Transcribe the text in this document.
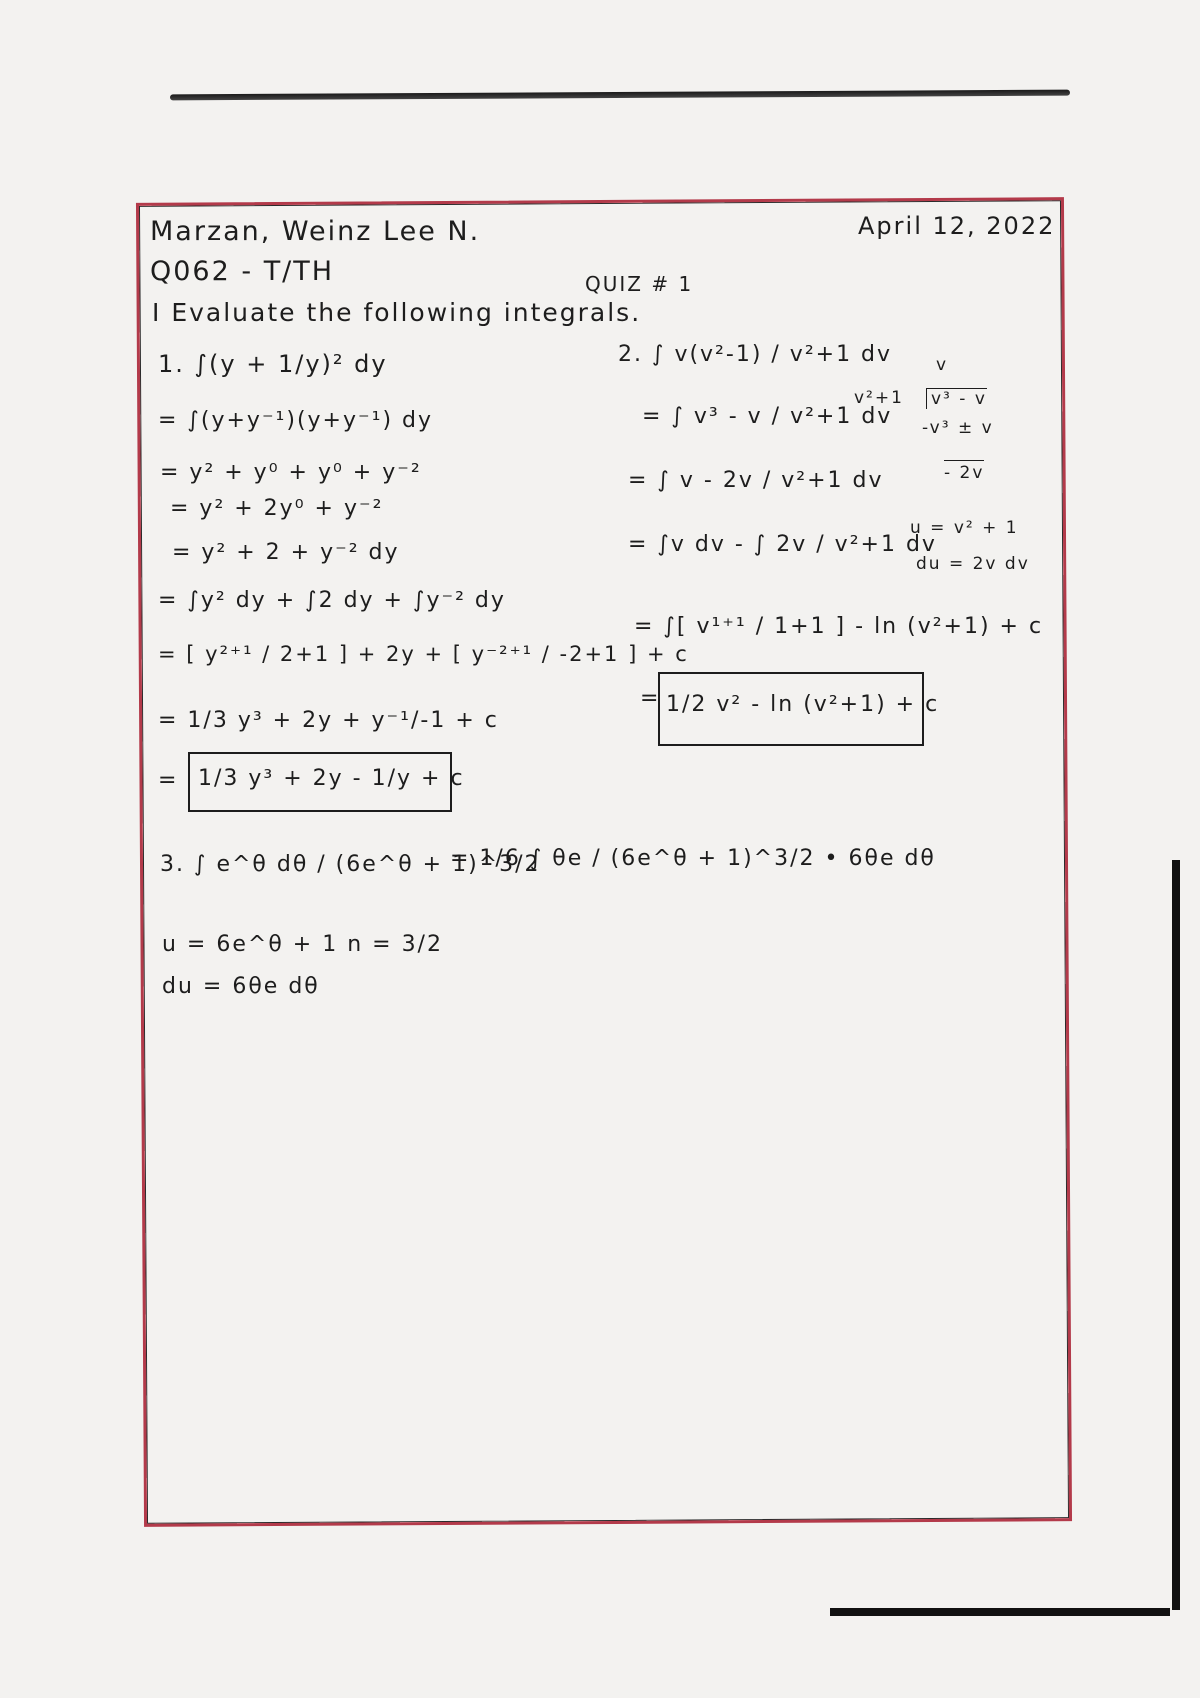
Marzan, Weinz Lee N.
Q062 - T/TH
April 12, 2022
QUIZ # 1
I Evaluate the following integrals.
1. ∫(y + 1/y)² dy
= ∫(y+y⁻¹)(y+y⁻¹) dy
= y² + y⁰ + y⁰ + y⁻²
= y² + 2y⁰ + y⁻²
= y² + 2 + y⁻² dy
= ∫y² dy + ∫2 dy + ∫y⁻² dy
= [ y²⁺¹ / 2+1 ] + 2y + [ y⁻²⁺¹ / -2+1 ] + c
= 1/3 y³ + 2y + y⁻¹/-1 + c
= 1/3 y³ + 2y - 1/y + c
2. ∫ v(v²-1) / v²+1 dv
= ∫ v³ - v / v²+1 dv
= ∫ v - 2v / v²+1 dv
= ∫v dv - ∫ 2v / v²+1 dv
= ∫[ v¹⁺¹ / 1+1 ] - ln (v²+1) + c
= 1/2 v² - ln (v²+1) + c
v
v²+1 v³ - v
-v³ ± v
- 2v
u = v² + 1
du = 2v dv
3. ∫ e^θ dθ / (6e^θ + 1)^3/2
= 1/6 ∫ θe / (6e^θ + 1)^3/2 • 6θe dθ
u = 6e^θ + 1 n = 3/2
du = 6θe dθ
